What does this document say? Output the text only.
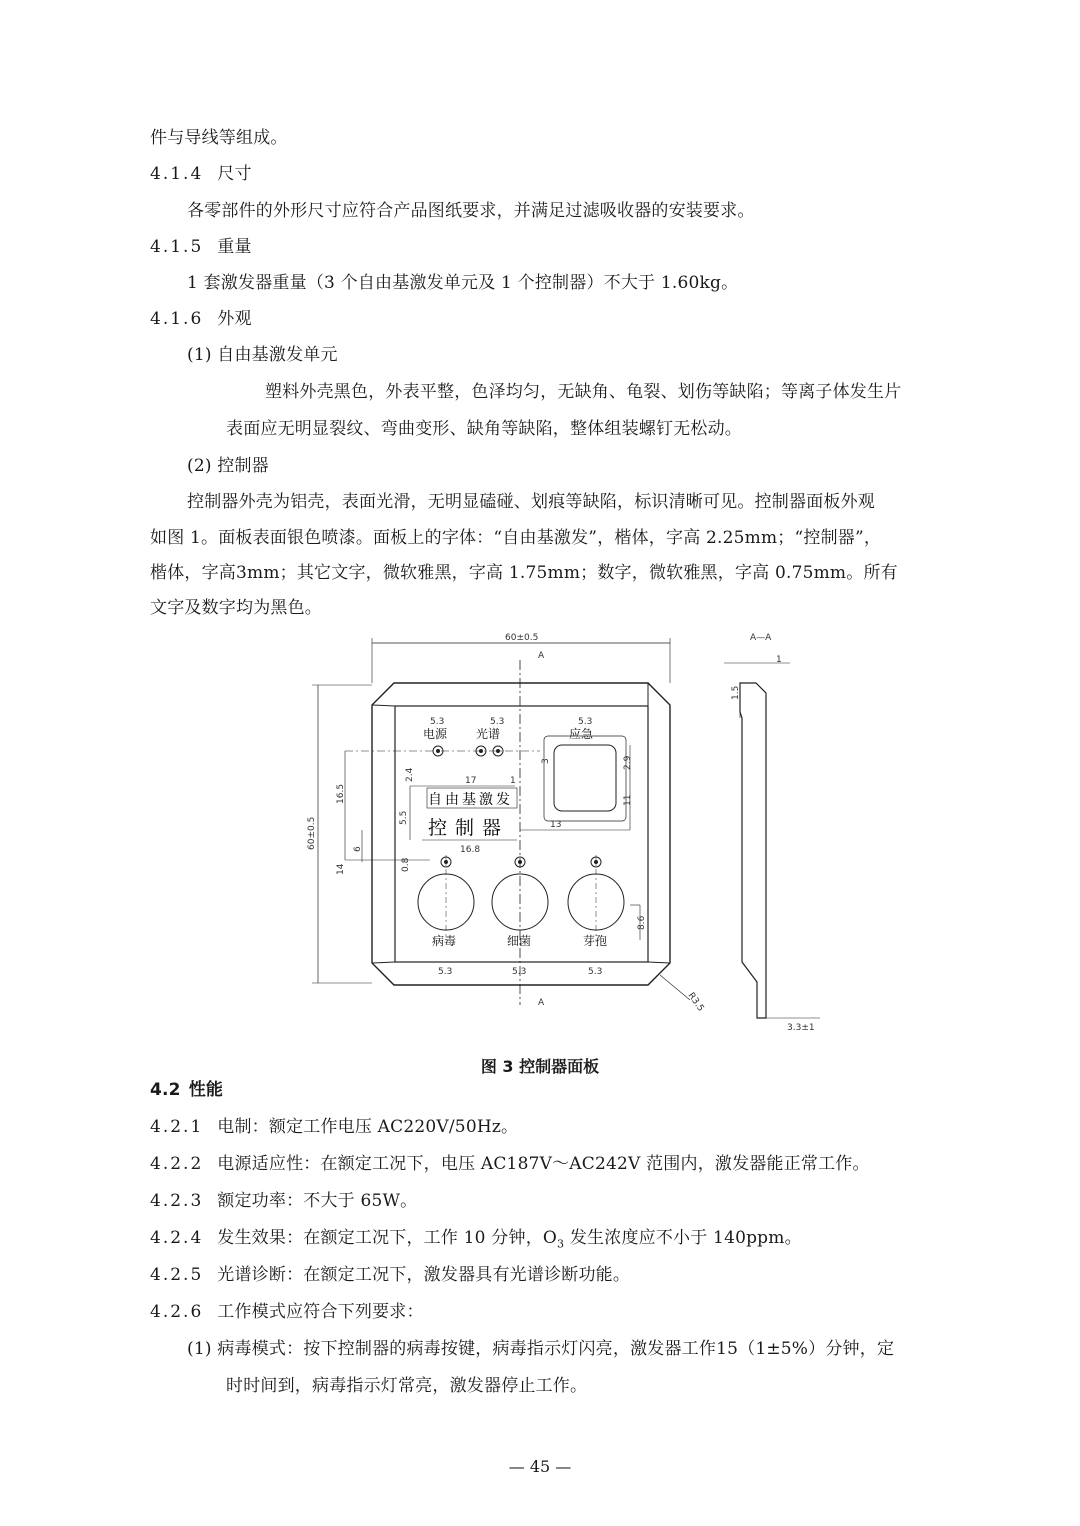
件与导线等组成。
4.1.4 尺寸
各零部件的外形尺寸应符合产品图纸要求，并满足过滤吸收器的安装要求。
4.1.5 重量
1 套激发器重量（3 个自由基激发单元及 1 个控制器）不大于 1.60kg。
4.1.6 外观
(1) 自由基激发单元
塑料外壳黑色，外表平整，色泽均匀，无缺角、龟裂、划伤等缺陷；等离子体发生片
表面应无明显裂纹、弯曲变形、缺角等缺陷，整体组装螺钉无松动。
(2) 控制器
控制器外壳为铝壳，表面光滑，无明显磕碰、划痕等缺陷，标识清晰可见。控制器面板外观
如图 1。面板表面银色喷漆。面板上的字体：“自由基激发”，楷体，字高 2.25mm；“控制器”，
楷体，字高3mm；其它文字，微软雅黑，字高 1.75mm；数字，微软雅黑，字高 0.75mm。所有
文字及数字均为黑色。
电源 光谱	应急
自由基激发
控制器
病毒	细菌	芽孢
60±0.5
A
A
60±0.5
5.3	5.3	5.3
2.9
3
2.4	17	1
16.5	11
13
5.5
6	16.8
14	0.8
8.6
5.3	5.3	5.3
R3.5
A—A
1
1.5
3.3±1
图 3 控制器面板
4.2 性能
4.2.1 电制：额定工作电压 AC220V/50Hz。
4.2.2 电源适应性：在额定工况下，电压 AC187V～AC242V 范围内，激发器能正常工作。
4.2.3 额定功率：不大于 65W。
4.2.4 发生效果：在额定工况下，工作 10 分钟，$O_3$ 发生浓度应不小于 140ppm。
4.2.5 光谱诊断：在额定工况下，激发器具有光谱诊断功能。
4.2.6 工作模式应符合下列要求：
(1) 病毒模式：按下控制器的病毒按键，病毒指示灯闪亮，激发器工作15（1±5%）分钟，定
时时间到，病毒指示灯常亮，激发器停止工作。
— 45 —
